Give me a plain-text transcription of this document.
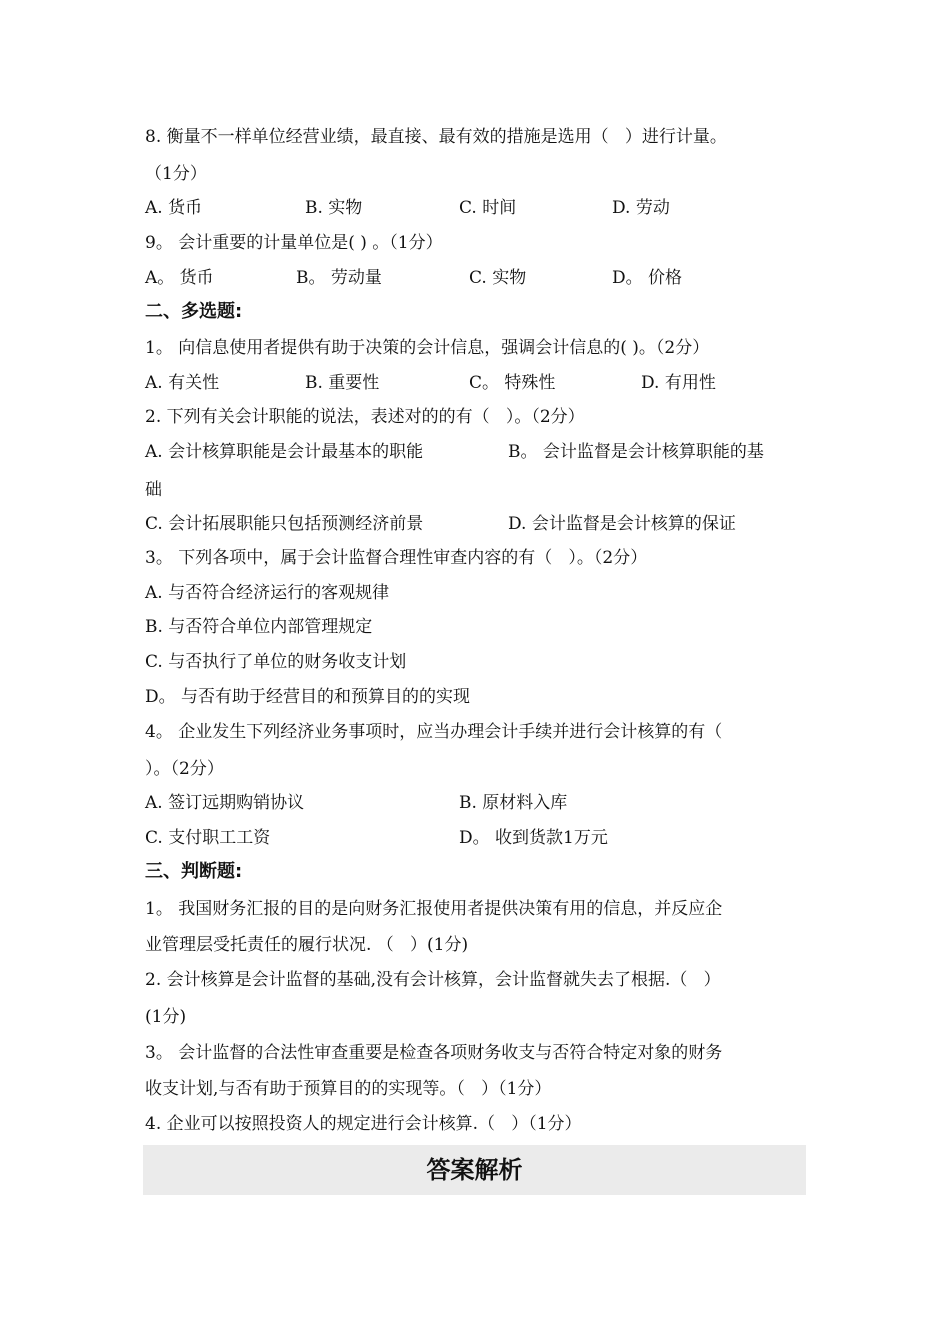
8. 衡量不一样单位经营业绩，最直接、最有效的措施是选用（   ）进行计量。
（1分）
A. 货币	B. 实物	C. 时间	D. 劳动
9。 会计重要的计量单位是( ) 。（1分）
A。 货币	B。 劳动量	C. 实物	D。 价格
二、多选题:
1。 向信息使用者提供有助于决策的会计信息，强调会计信息的( )。（2分）
A. 有关性	B. 重要性	C。 特殊性	D. 有用性
2. 下列有关会计职能的说法，表述对的的有（   ）。（2分）
A. 会计核算职能是会计最基本的职能	B。 会计监督是会计核算职能的基
础
C. 会计拓展职能只包括预测经济前景	D. 会计监督是会计核算的保证
3。 下列各项中，属于会计监督合理性审查内容的有（   ）。（2分）
A. 与否符合经济运行的客观规律
B. 与否符合单位内部管理规定
C. 与否执行了单位的财务收支计划
D。 与否有助于经营目的和预算目的的实现
4。 企业发生下列经济业务事项时，应当办理会计手续并进行会计核算的有（
）。（2分）
A. 签订远期购销协议	B. 原材料入库
C. 支付职工工资	D。 收到货款1万元
三、判断题:
1。 我国财务汇报的目的是向财务汇报使用者提供决策有用的信息，并反应企
业管理层受托责任的履行状况. （   ）(1分)
2. 会计核算是会计监督的基础,没有会计核算，会计监督就失去了根据.（   ）
(1分)
3。 会计监督的合法性审查重要是检查各项财务收支与否符合特定对象的财务
收支计划,与否有助于预算目的的实现等。（   ）（1分）
4. 企业可以按照投资人的规定进行会计核算.（   ）（1分）
答案解析
